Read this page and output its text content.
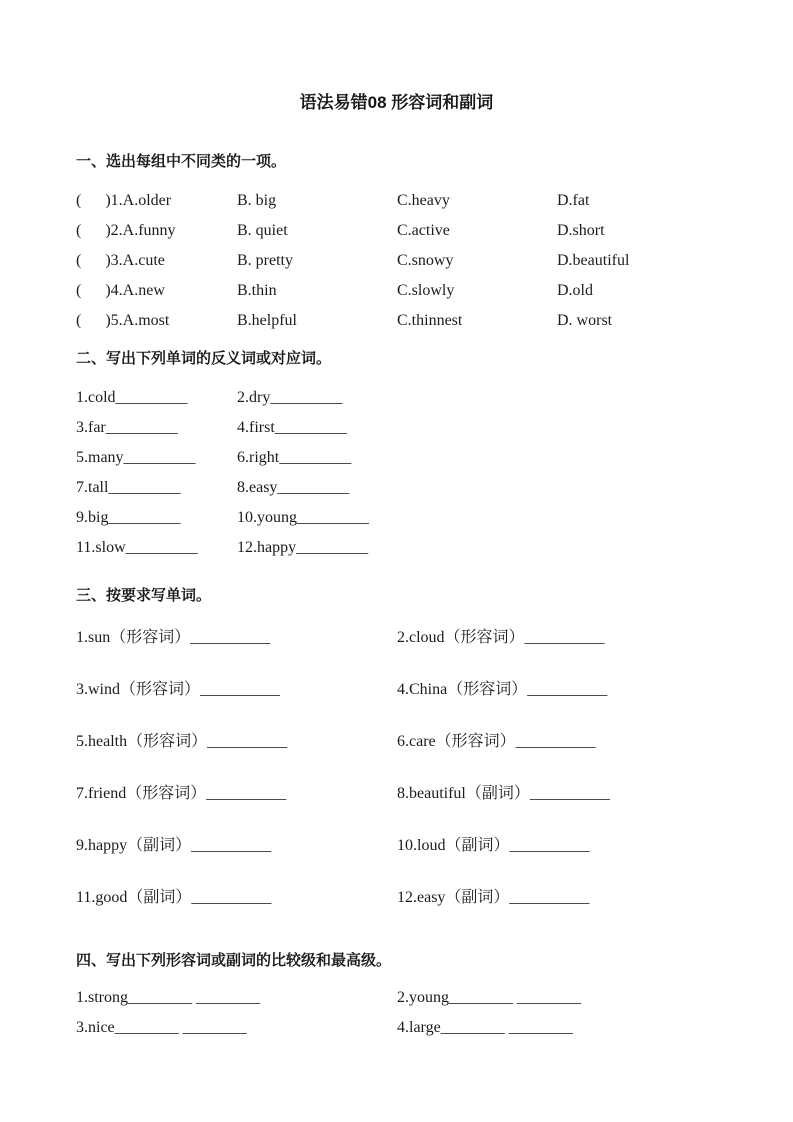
语法易错08 形容词和副词
一、选出每组中不同类的一项。
(      )1.A.older	B. big	C.heavy	D.fat
(      )2.A.funny	B. quiet	C.active	D.short
(      )3.A.cute	B. pretty	C.snowy	D.beautiful
(      )4.A.new	B.thin	C.slowly	D.old
(      )5.A.most	B.helpful	C.thinnest	D. worst
二、写出下列单词的反义词或对应词。
1.cold_________	2.dry_________
3.far_________	4.first_________
5.many_________	6.right_________
7.tall_________	8.easy_________
9.big_________	10.young_________
11.slow_________	12.happy_________
三、按要求写单词。
1.sun（形容词）__________	2.cloud（形容词）__________
3.wind（形容词）__________	4.China（形容词）__________
5.health（形容词）__________	6.care（形容词）__________
7.friend（形容词）__________	8.beautiful（副词）__________
9.happy（副词）__________	10.loud（副词）__________
11.good（副词）__________	12.easy（副词）__________
四、写出下列形容词或副词的比较级和最高级。
1.strong________ ________	2.young________ ________
3.nice________ ________	4.large________ ________
